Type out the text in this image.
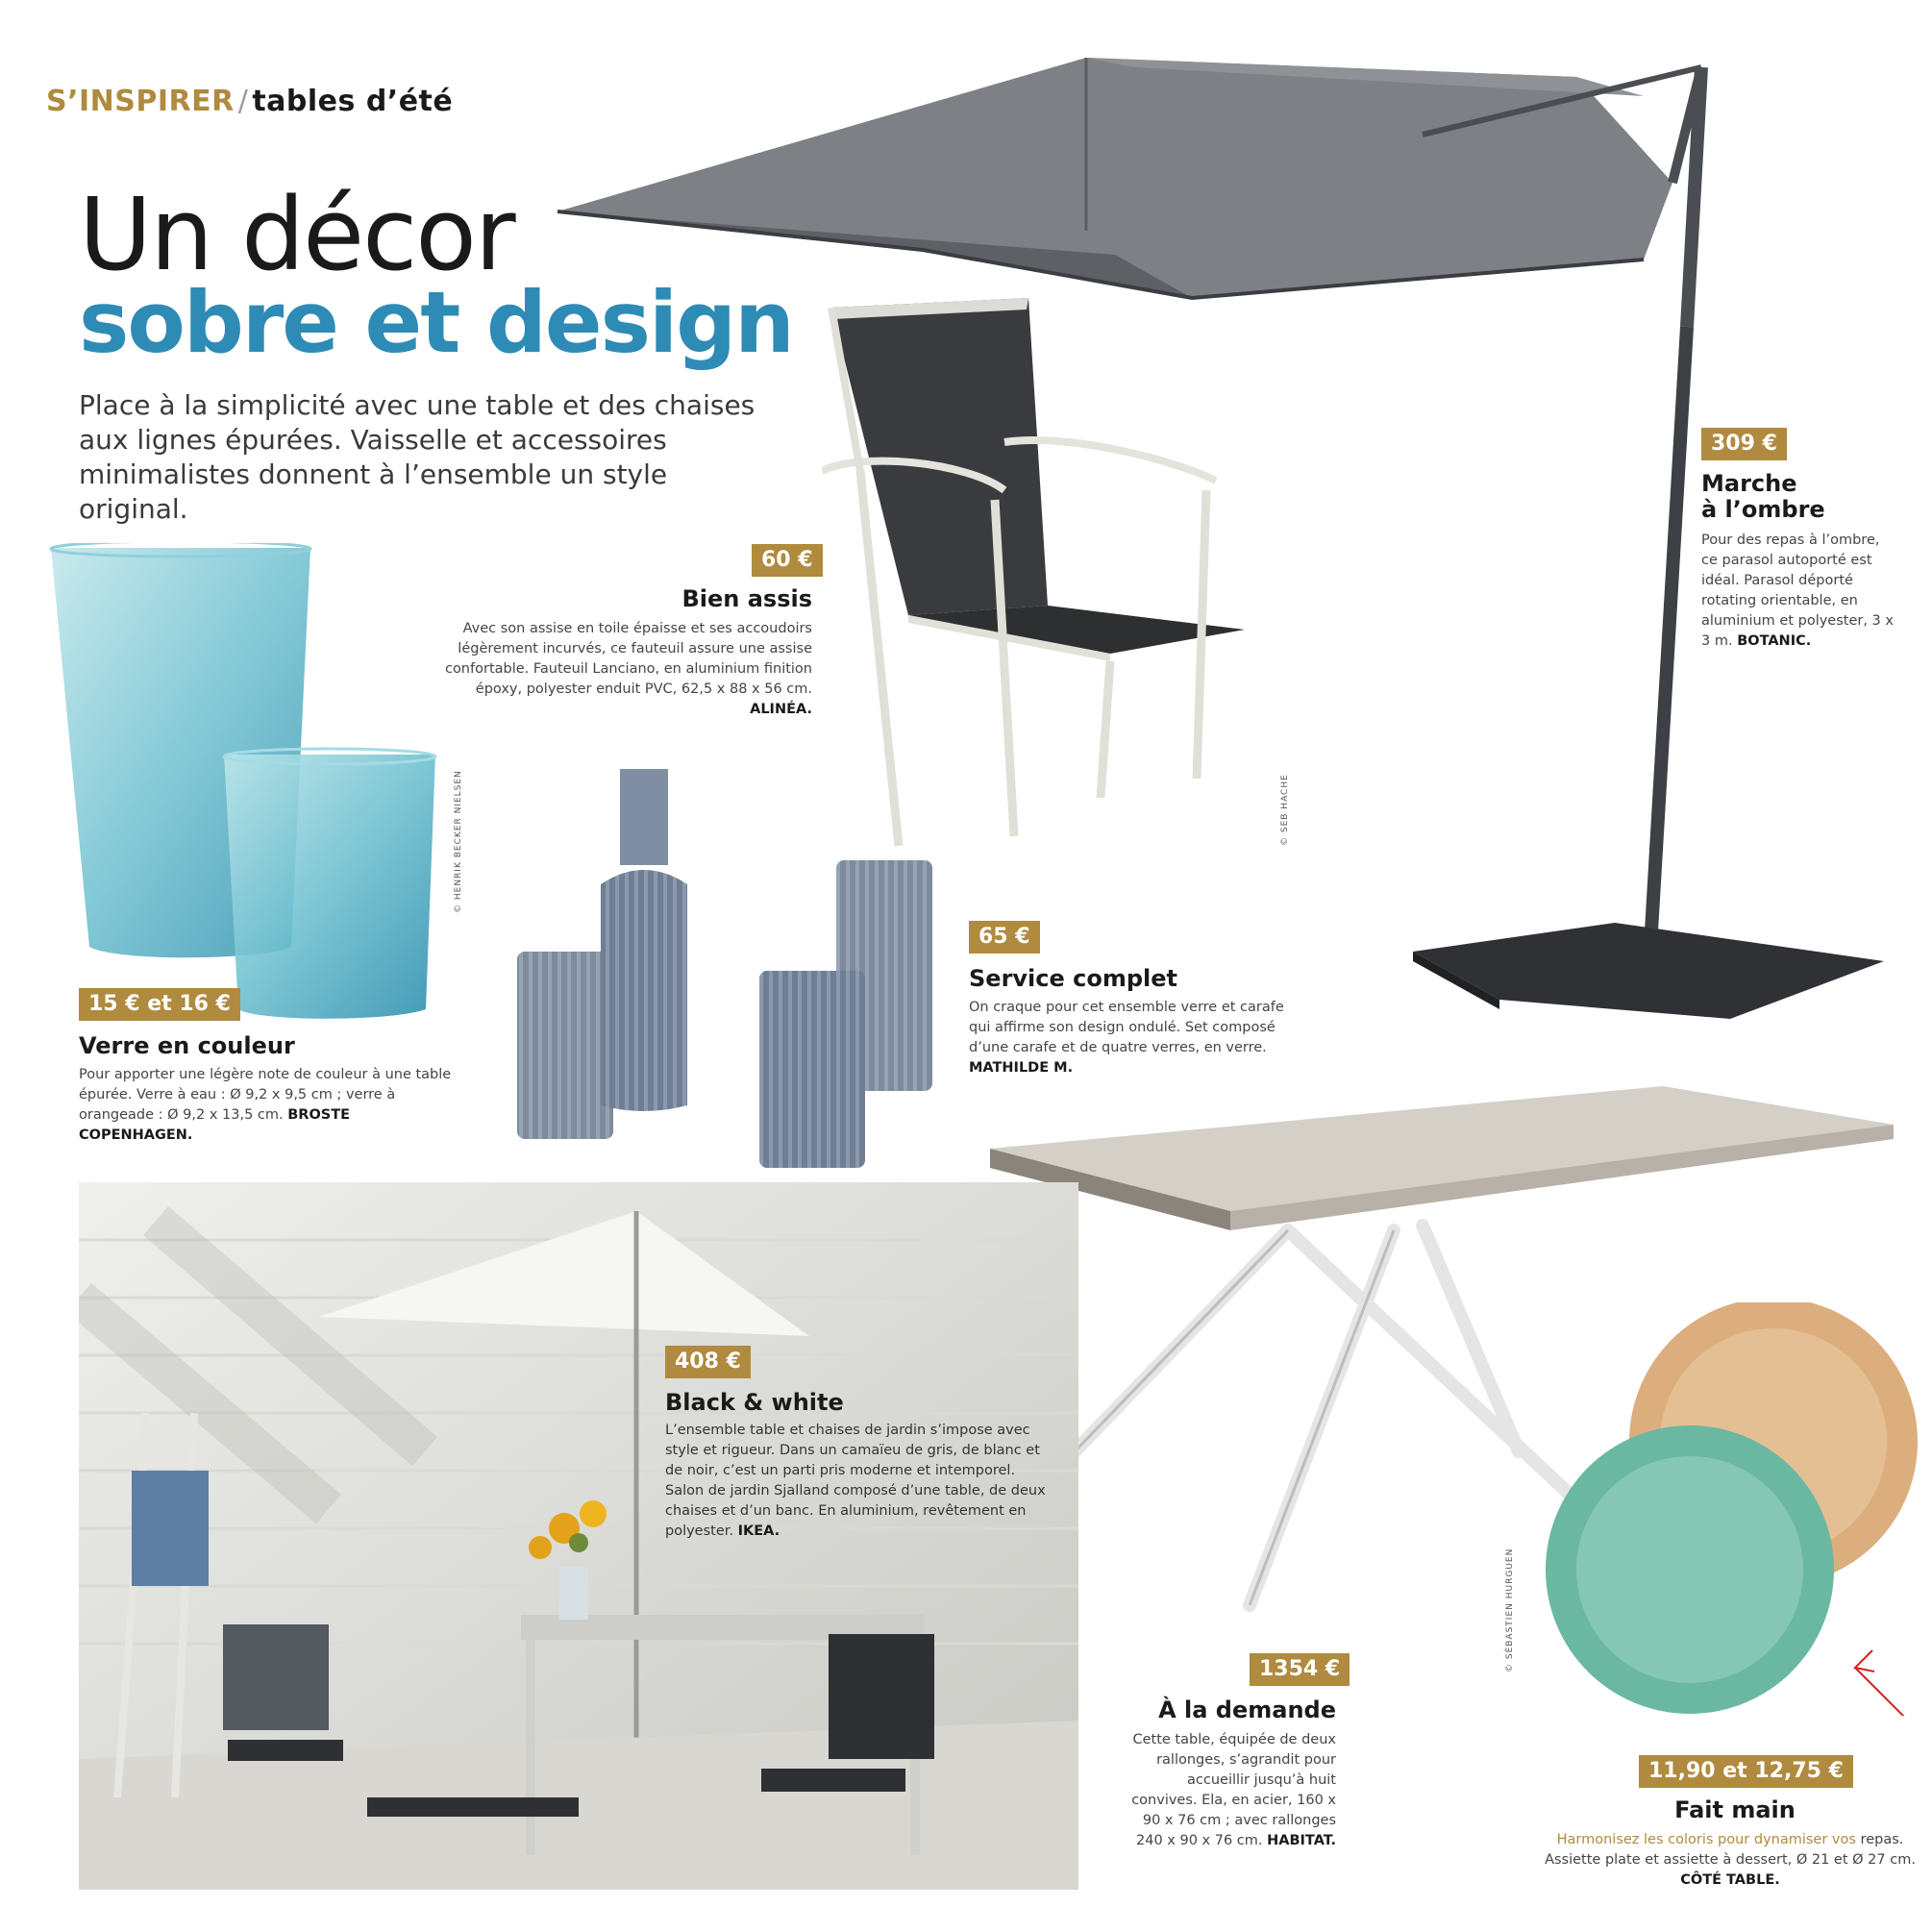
S’INSPIRER / tables d’été
Un décor
sobre et design
Place à la simplicité avec une table et des chaises aux lignes épurées. Vaisselle et accessoires minimalistes donnent à l’ensemble un style original.
60 €
Bien assis
Avec son assise en toile épaisse et ses accoudoirs légèrement incurvés, ce fauteuil assure une assise confortable. Fauteuil Lanciano, en aluminium finition époxy, polyester enduit PVC, 62,5 x 88 x 56 cm. ALINÉA.
309 €
Marche
à l’ombre
Pour des repas à l’ombre, ce parasol autoporté est idéal. Parasol déporté rotating orientable, en aluminium et polyester, 3 x 3 m. BOTANIC.
15 € et 16 €
Verre en couleur
Pour apporter une légère note de couleur à une table épurée. Verre à eau : Ø 9,2 x 9,5 cm ; verre à orangeade : Ø 9,2 x 13,5 cm. BROSTE COPENHAGEN.
65 €
Service complet
On craque pour cet ensemble verre et carafe qui affirme son design ondulé. Set composé d’une carafe et de quatre verres, en verre. MATHILDE M.
408 €
Black & white
L’ensemble table et chaises de jardin s’impose avec style et rigueur. Dans un camaïeu de gris, de blanc et de noir, c’est un parti pris moderne et intemporel. Salon de jardin Sjalland composé d’une table, de deux chaises et d’un banc. En aluminium, revêtement en polyester. IKEA.
1354 €
À la demande
Cette table, équipée de deux rallonges, s’agrandit pour accueillir jusqu’à huit convives. Ela, en acier, 160 x 90 x 76 cm ; avec rallonges 240 x 90 x 76 cm. HABITAT.
11,90 et 12,75 €
Fait main
Harmonisez les coloris pour dynamiser vos repas. Assiette plate et assiette à dessert, Ø 21 et Ø 27 cm. CÔTÉ TABLE.
© HENRIK BECKER NIELSEN	© SEB HACHE
© SÉBASTIEN HURGUEN
